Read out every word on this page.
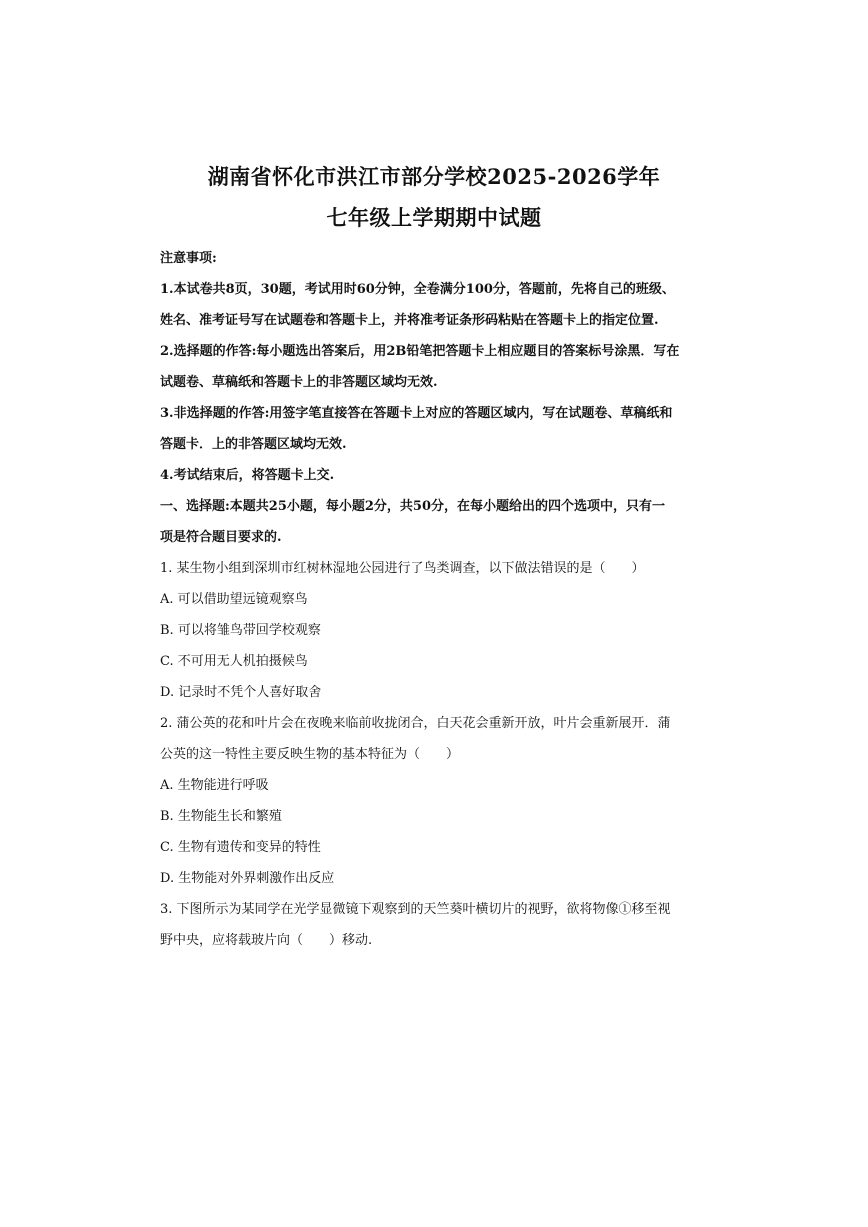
湖南省怀化市洪江市部分学校2025-2026学年
七年级上学期期中试题
注意事项:
1.本试卷共8页，30题，考试用时60分钟，全卷满分100分，答题前，先将自己的班级、
姓名、准考证号写在试题卷和答题卡上，并将准考证条形码粘贴在答题卡上的指定位置.
2.选择题的作答:每小题选出答案后，用2B铅笔把答题卡上相应题目的答案标号涂黑．写在
试题卷、草稿纸和答题卡上的非答题区域均无效.
3.非选择题的作答:用签字笔直接答在答题卡上对应的答题区域内，写在试题卷、草稿纸和
答题卡．上的非答题区域均无效.
4.考试结束后，将答题卡上交.
一、选择题:本题共25小题，每小题2分，共50分，在每小题给出的四个选项中，只有一
项是符合题目要求的.
1. 某生物小组到深圳市红树林湿地公园进行了鸟类调查，以下做法错误的是（　　）
A. 可以借助望远镜观察鸟
B. 可以将雏鸟带回学校观察
C. 不可用无人机拍摄候鸟
D. 记录时不凭个人喜好取舍
2. 蒲公英的花和叶片会在夜晚来临前收拢闭合，白天花会重新开放，叶片会重新展开．蒲
公英的这一特性主要反映生物的基本特征为（　　）
A. 生物能进行呼吸
B. 生物能生长和繁殖
C. 生物有遗传和变异的特性
D. 生物能对外界刺激作出反应
3. 下图所示为某同学在光学显微镜下观察到的天竺葵叶横切片的视野，欲将物像①移至视
野中央，应将载玻片向（　　）移动.
